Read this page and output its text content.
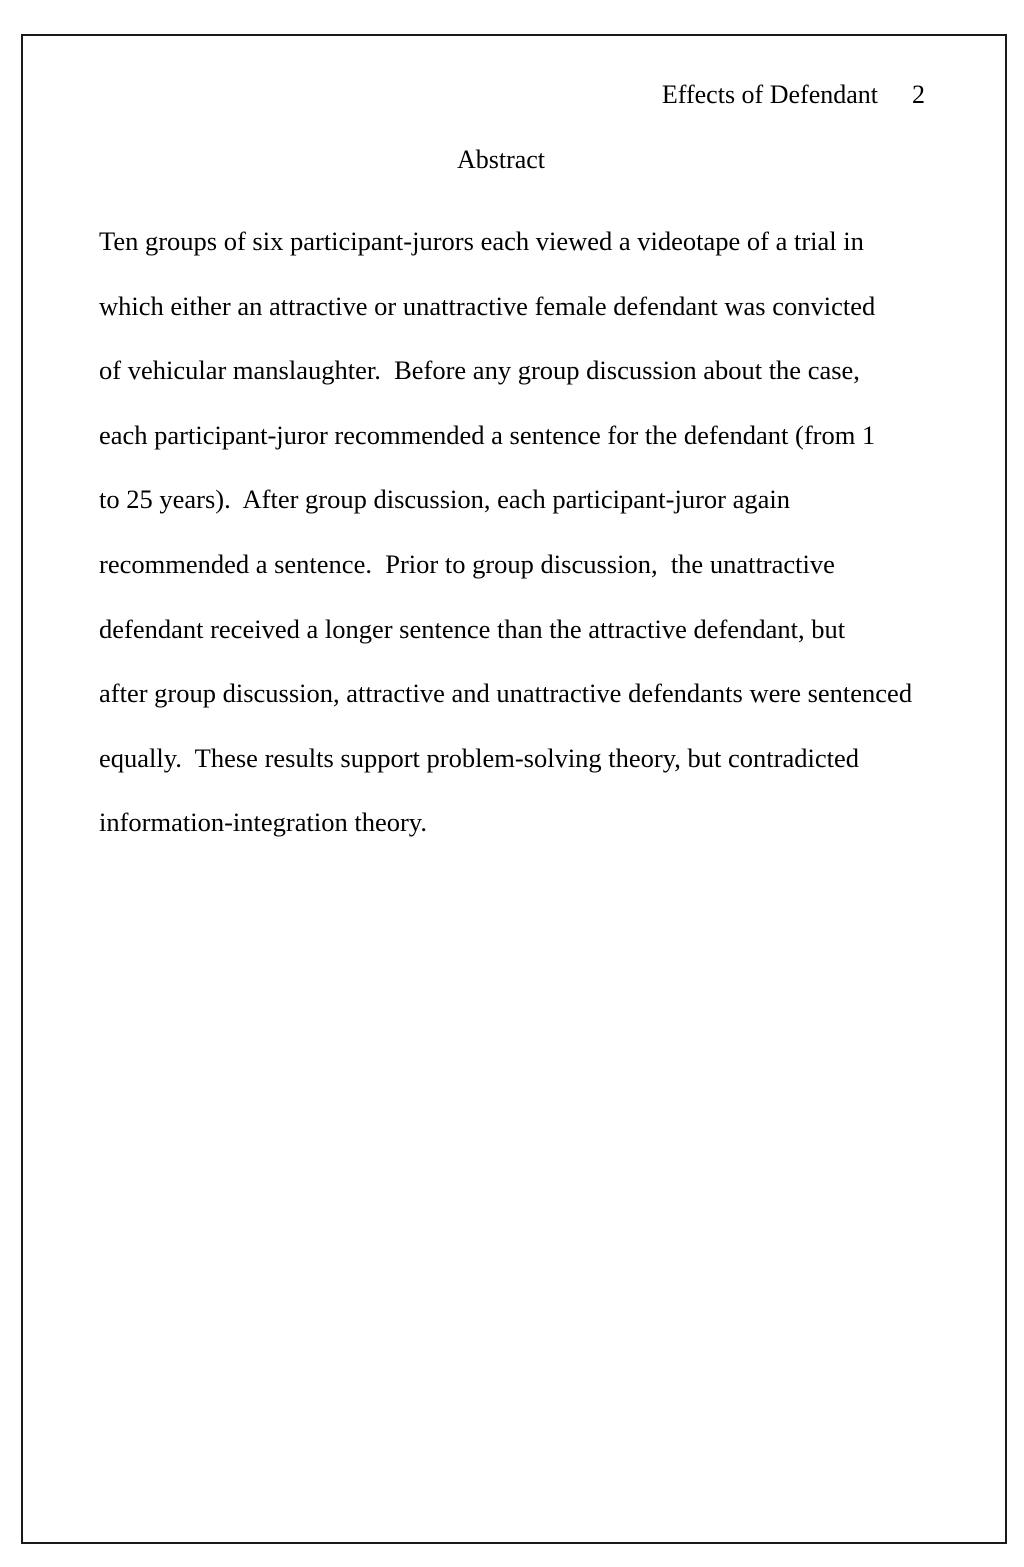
Effects of Defendant 2
Abstract
Ten groups of six participant-jurors each viewed a videotape of a trial in
which either an attractive or unattractive female defendant was convicted
of vehicular manslaughter.  Before any group discussion about the case,
each participant-juror recommended a sentence for the defendant (from 1
to 25 years).  After group discussion, each participant-juror again
recommended a sentence.  Prior to group discussion,  the unattractive
defendant received a longer sentence than the attractive defendant, but
after group discussion, attractive and unattractive defendants were sentenced
equally.  These results support problem-solving theory, but contradicted
information-integration theory.
